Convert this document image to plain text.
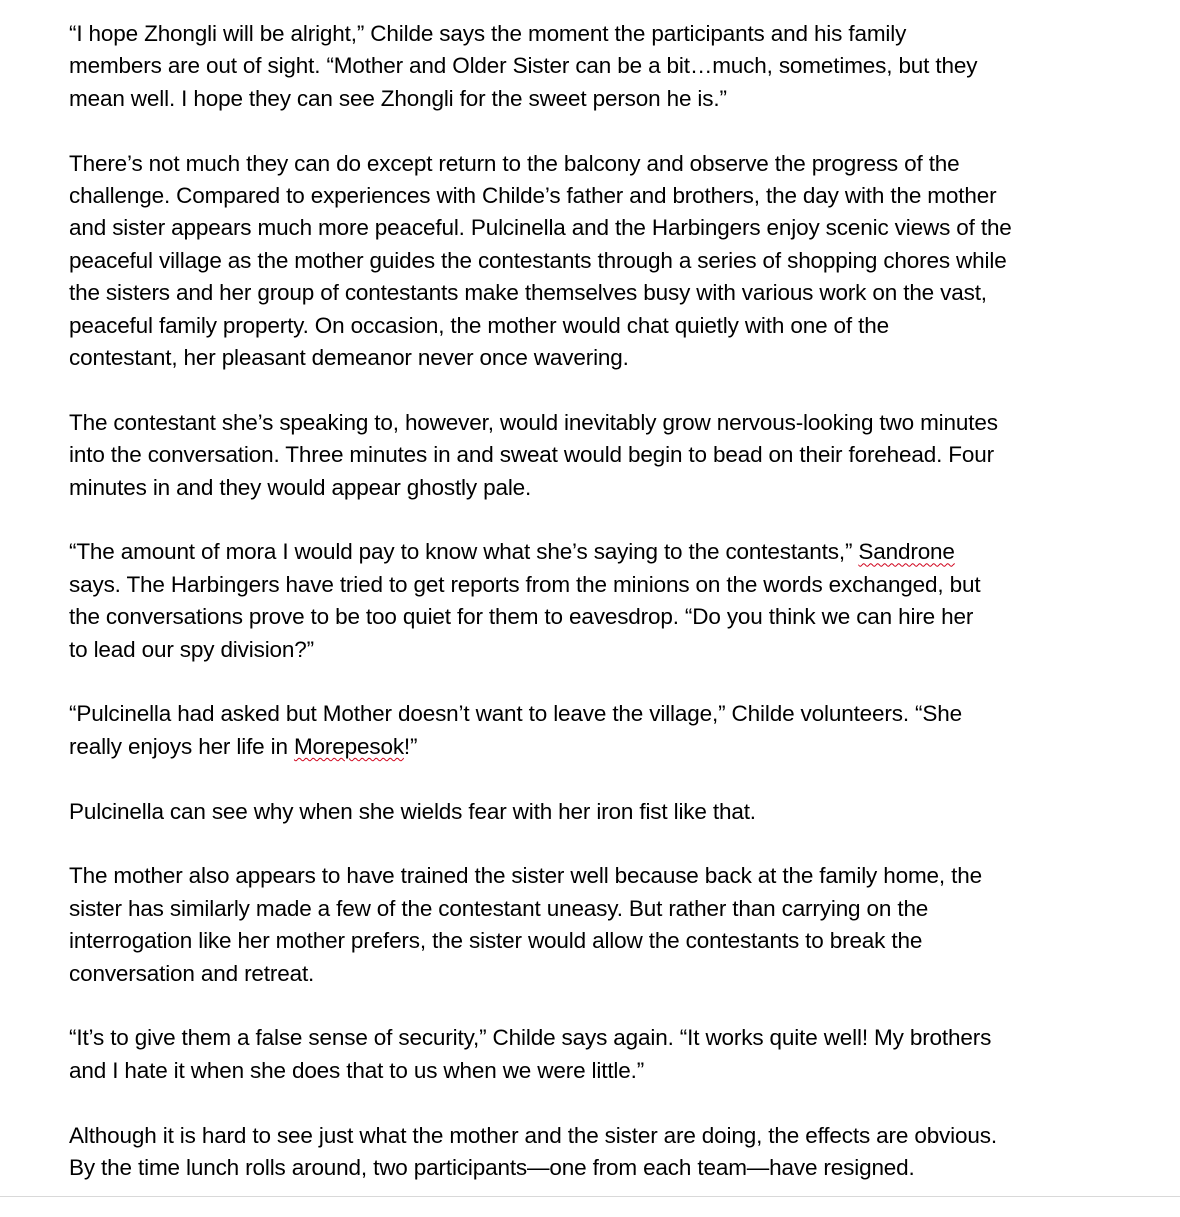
“I hope Zhongli will be alright,” Childe says the moment the participants and his family
members are out of sight. “Mother and Older Sister can be a bit…much, sometimes, but they
mean well. I hope they can see Zhongli for the sweet person he is.”

There’s not much they can do except return to the balcony and observe the progress of the
challenge. Compared to experiences with Childe’s father and brothers, the day with the mother
and sister appears much more peaceful. Pulcinella and the Harbingers enjoy scenic views of the
peaceful village as the mother guides the contestants through a series of shopping chores while
the sisters and her group of contestants make themselves busy with various work on the vast,
peaceful family property. On occasion, the mother would chat quietly with one of the
contestant, her pleasant demeanor never once wavering.

The contestant she’s speaking to, however, would inevitably grow nervous-looking two minutes
into the conversation. Three minutes in and sweat would begin to bead on their forehead. Four
minutes in and they would appear ghostly pale.

“The amount of mora I would pay to know what she’s saying to the contestants,” Sandrone
says. The Harbingers have tried to get reports from the minions on the words exchanged, but
the conversations prove to be too quiet for them to eavesdrop. “Do you think we can hire her
to lead our spy division?”

“Pulcinella had asked but Mother doesn’t want to leave the village,” Childe volunteers. “She
really enjoys her life in Morepesok!”

Pulcinella can see why when she wields fear with her iron fist like that.

The mother also appears to have trained the sister well because back at the family home, the
sister has similarly made a few of the contestant uneasy. But rather than carrying on the
interrogation like her mother prefers, the sister would allow the contestants to break the
conversation and retreat.

“It’s to give them a false sense of security,” Childe says again. “It works quite well! My brothers
and I hate it when she does that to us when we were little.”

Although it is hard to see just what the mother and the sister are doing, the effects are obvious.
By the time lunch rolls around, two participants—one from each team—have resigned.
